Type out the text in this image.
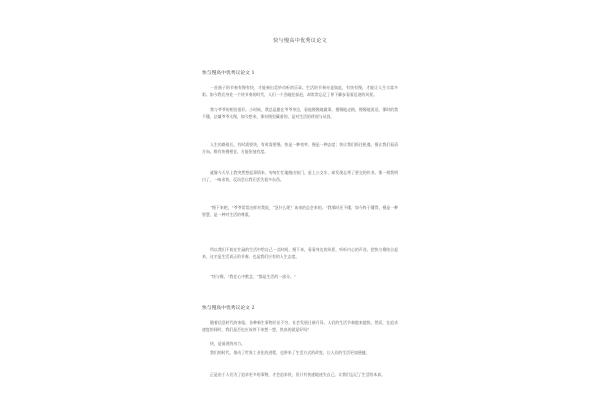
快与慢高中优秀议论文
快与慢高中优秀议论文 1

一首曲子的节奏有慢有快，才能奏出美妙动听的乐章。生活的节奏亦是如此，有快有慢，才能让人生丰富多彩。如今我们身处一个快节奏的时代，人们一个劲地往前赶，却常常忘记了停下脚步看看沿途的风景。

我与爷爷的相处很好。小时候，我总是跟在爷爷身边，看他慢慢地做事，慢慢地走路，慢慢地说话。那时的我不懂，总嫌爷爷太慢，如今想来，那份慢里藏着的，是对生活的珍视与从容。

人生的路很长，有时需要快，有时需要慢。快是一种效率，慢是一种态度；快让我们抓住机遇，慢让我们看清方向。唯有快慢相宜，方能张弛有度。

就像今天早上我突然想起事情来，匆匆忙忙地跑出家门，赶上公交车，却发现忘带了要交的作业。那一刻我明白了，一味求快，反而会让我们丢失很多东西。

“慢下来吧，”爷爷常常这样对我说，“急什么呢？该来的总会来的。”我那时还不懂，如今终于懂得，慢是一种智慧，是一种对生活的尊重。

所以我们不妨在忙碌的生活中给自己一点时间，慢下来，看看身边的风景，听听内心的声音。把快与慢结合起来，这才是生活真正的节奏，也是我们应有的人生态度。

“快与慢，”我在心中默念，“都是生活的一部分。”

快与慢高中优秀议论文 2

随着信息时代的来临，各种新生事物层出不穷，社会发展日新月异，人们的生活节奏越来越快。然而，在追求速度的同时，我们是否也应该停下来想一想，快真的就是好吗？

快，是前进的动力。

我们的时代，推动了世界工业化的进程，也带来了生活方式的改变，让人们的生活更加便捷。

正是由于人们为了追求更多的事物，才会追求快，但只有快速地迷失自己，让我们忘记了生活的本真。
